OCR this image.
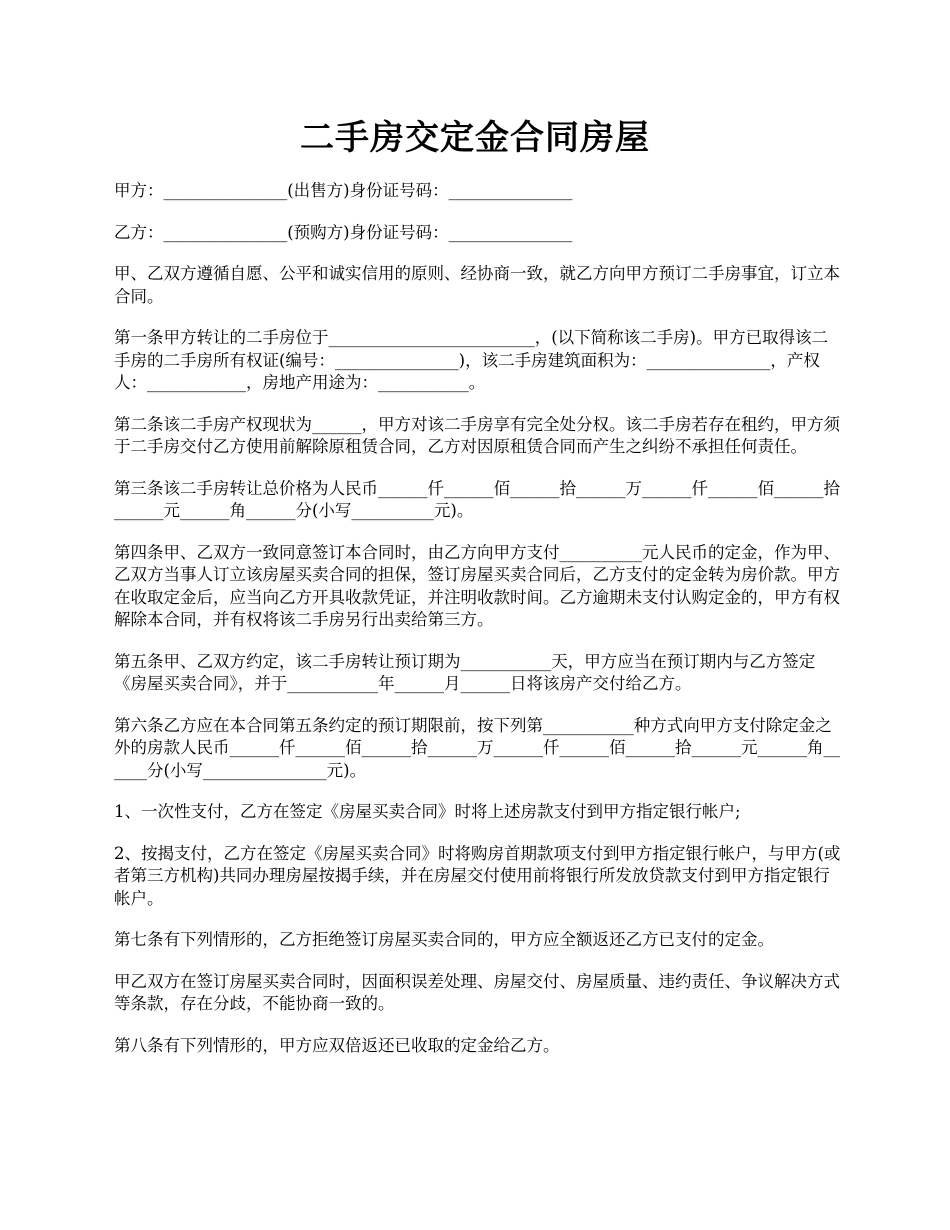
二手房交定金合同房屋

甲方：_______________(出售方)身份证号码：_______________

乙方：_______________(预购方)身份证号码：_______________

甲、乙双方遵循自愿、公平和诚实信用的原则、经协商一致，就乙方向甲方预订二手房事宜，订立本合同。

第一条甲方转让的二手房位于_________________________，(以下简称该二手房)。甲方已取得该二手房的二手房所有权证(编号：_______________)，该二手房建筑面积为：_______________，产权人：____________，房地产用途为：___________。

第二条该二手房产权现状为______，甲方对该二手房享有完全处分权。该二手房若存在租约，甲方须于二手房交付乙方使用前解除原租赁合同，乙方对因原租赁合同而产生之纠纷不承担任何责任。

第三条该二手房转让总价格为人民币______仟______佰______拾______万______仟______佰______拾______元______角______分(小写__________元)。

第四条甲、乙双方一致同意签订本合同时，由乙方向甲方支付__________元人民币的定金，作为甲、乙双方当事人订立该房屋买卖合同的担保，签订房屋买卖合同后，乙方支付的定金转为房价款。甲方在收取定金后，应当向乙方开具收款凭证，并注明收款时间。乙方逾期未支付认购定金的，甲方有权解除本合同，并有权将该二手房另行出卖给第三方。

第五条甲、乙双方约定，该二手房转让预订期为___________天，甲方应当在预订期内与乙方签定《房屋买卖合同》，并于___________年______月______日将该房产交付给乙方。

第六条乙方应在本合同第五条约定的预订期限前，按下列第___________种方式向甲方支付除定金之外的房款人民币______仟______佰______拾______万______仟______佰______拾______元______角______分(小写_______________元)。

1、一次性支付，乙方在签定《房屋买卖合同》时将上述房款支付到甲方指定银行帐户;

2、按揭支付，乙方在签定《房屋买卖合同》时将购房首期款项支付到甲方指定银行帐户，与甲方(或者第三方机构)共同办理房屋按揭手续，并在房屋交付使用前将银行所发放贷款支付到甲方指定银行帐户。

第七条有下列情形的，乙方拒绝签订房屋买卖合同的，甲方应全额返还乙方已支付的定金。

甲乙双方在签订房屋买卖合同时，因面积误差处理、房屋交付、房屋质量、违约责任、争议解决方式等条款，存在分歧，不能协商一致的。

第八条有下列情形的，甲方应双倍返还已收取的定金给乙方。
